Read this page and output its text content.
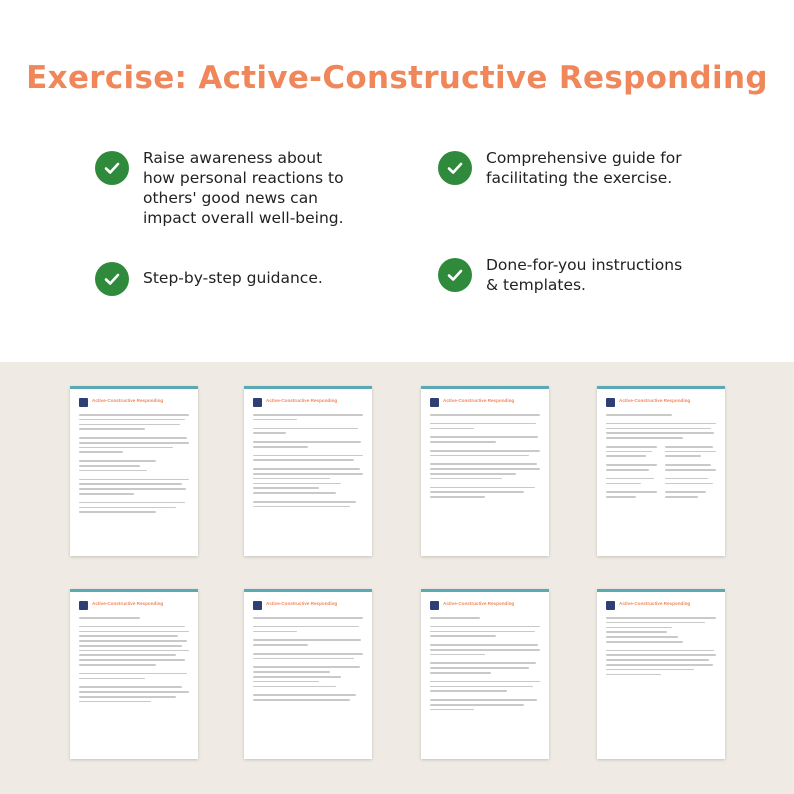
Exercise: Active-Constructive Responding
Raise awareness about
how personal reactions to
others' good news can
impact overall well-being.
Comprehensive guide for
facilitating the exercise.
Step-by-step guidance.
Done-for-you instructions
& templates.
Active-Constructive Responding	Active-Constructive Responding	Active-Constructive Responding	Active-Constructive Responding
Active-Constructive Responding	Active-Constructive Responding	Active-Constructive Responding	Active-Constructive Responding
